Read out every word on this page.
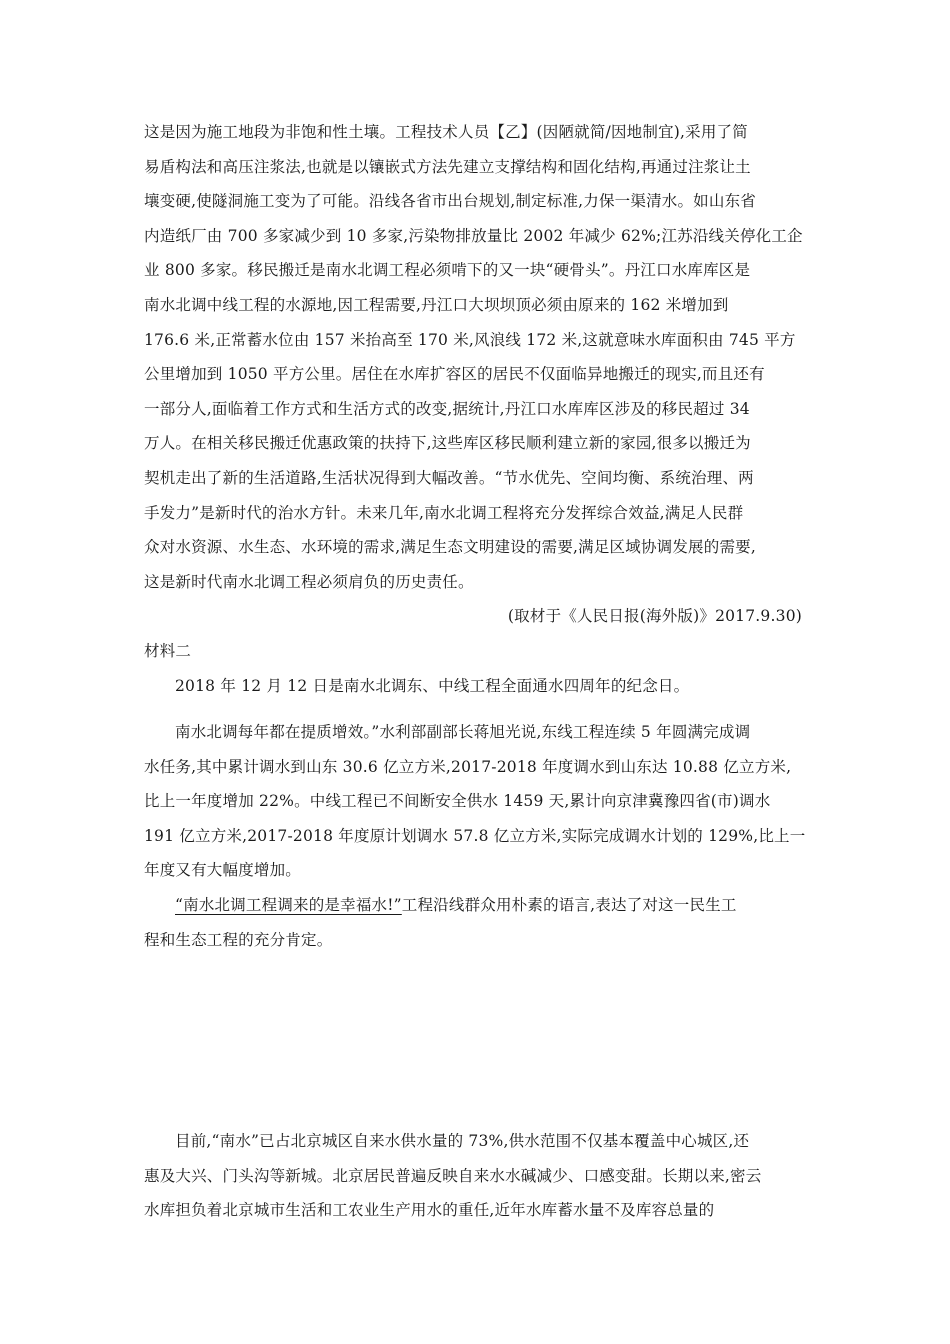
这是因为施工地段为非饱和性土壤。工程技术人员【乙】(因陋就简/因地制宜),采用了简
易盾构法和高压注浆法,也就是以镶嵌式方法先建立支撑结构和固化结构,再通过注浆让土
壤变硬,使隧洞施工变为了可能。沿线各省市出台规划,制定标准,力保一渠清水。如山东省
内造纸厂由 700 多家减少到 10 多家,污染物排放量比 2002 年减少 62%;江苏沿线关停化工企
业 800 多家。移民搬迁是南水北调工程必须啃下的又一块“硬骨头”。丹江口水库库区是
南水北调中线工程的水源地,因工程需要,丹江口大坝坝顶必须由原来的 162 米增加到
176.6 米,正常蓄水位由 157 米抬高至 170 米,风浪线 172 米,这就意味水库面积由 745 平方
公里增加到 1050 平方公里。居住在水库扩容区的居民不仅面临异地搬迁的现实,而且还有
一部分人,面临着工作方式和生活方式的改变,据统计,丹江口水库库区涉及的移民超过 34
万人。在相关移民搬迁优惠政策的扶持下,这些库区移民顺利建立新的家园,很多以搬迁为
契机走出了新的生活道路,生活状况得到大幅改善。“节水优先、空间均衡、系统治理、两
手发力”是新时代的治水方针。未来几年,南水北调工程将充分发挥综合效益,满足人民群
众对水资源、水生态、水环境的需求,满足生态文明建设的需要,满足区域协调发展的需要,
这是新时代南水北调工程必须肩负的历史责任。
(取材于《人民日报(海外版)》2017.9.30)
材料二
2018 年 12 月 12 日是南水北调东、中线工程全面通水四周年的纪念日。
南水北调每年都在提质增效。”水利部副部长蒋旭光说,东线工程连续 5 年圆满完成调
水任务,其中累计调水到山东 30.6 亿立方米,2017-2018 年度调水到山东达 10.88 亿立方米,
比上一年度增加 22%。中线工程已不间断安全供水 1459 天,累计向京津冀豫四省(市)调水
191 亿立方米,2017-2018 年度原计划调水 57.8 亿立方米,实际完成调水计划的 129%,比上一
年度又有大幅度增加。
“南水北调工程调来的是幸福水!”工程沿线群众用朴素的语言,表达了对这一民生工
程和生态工程的充分肯定。
目前,“南水”已占北京城区自来水供水量的 73%,供水范围不仅基本覆盖中心城区,还
惠及大兴、门头沟等新城。北京居民普遍反映自来水水碱减少、口感变甜。长期以来,密云
水库担负着北京城市生活和工农业生产用水的重任,近年水库蓄水量不及库容总量的
